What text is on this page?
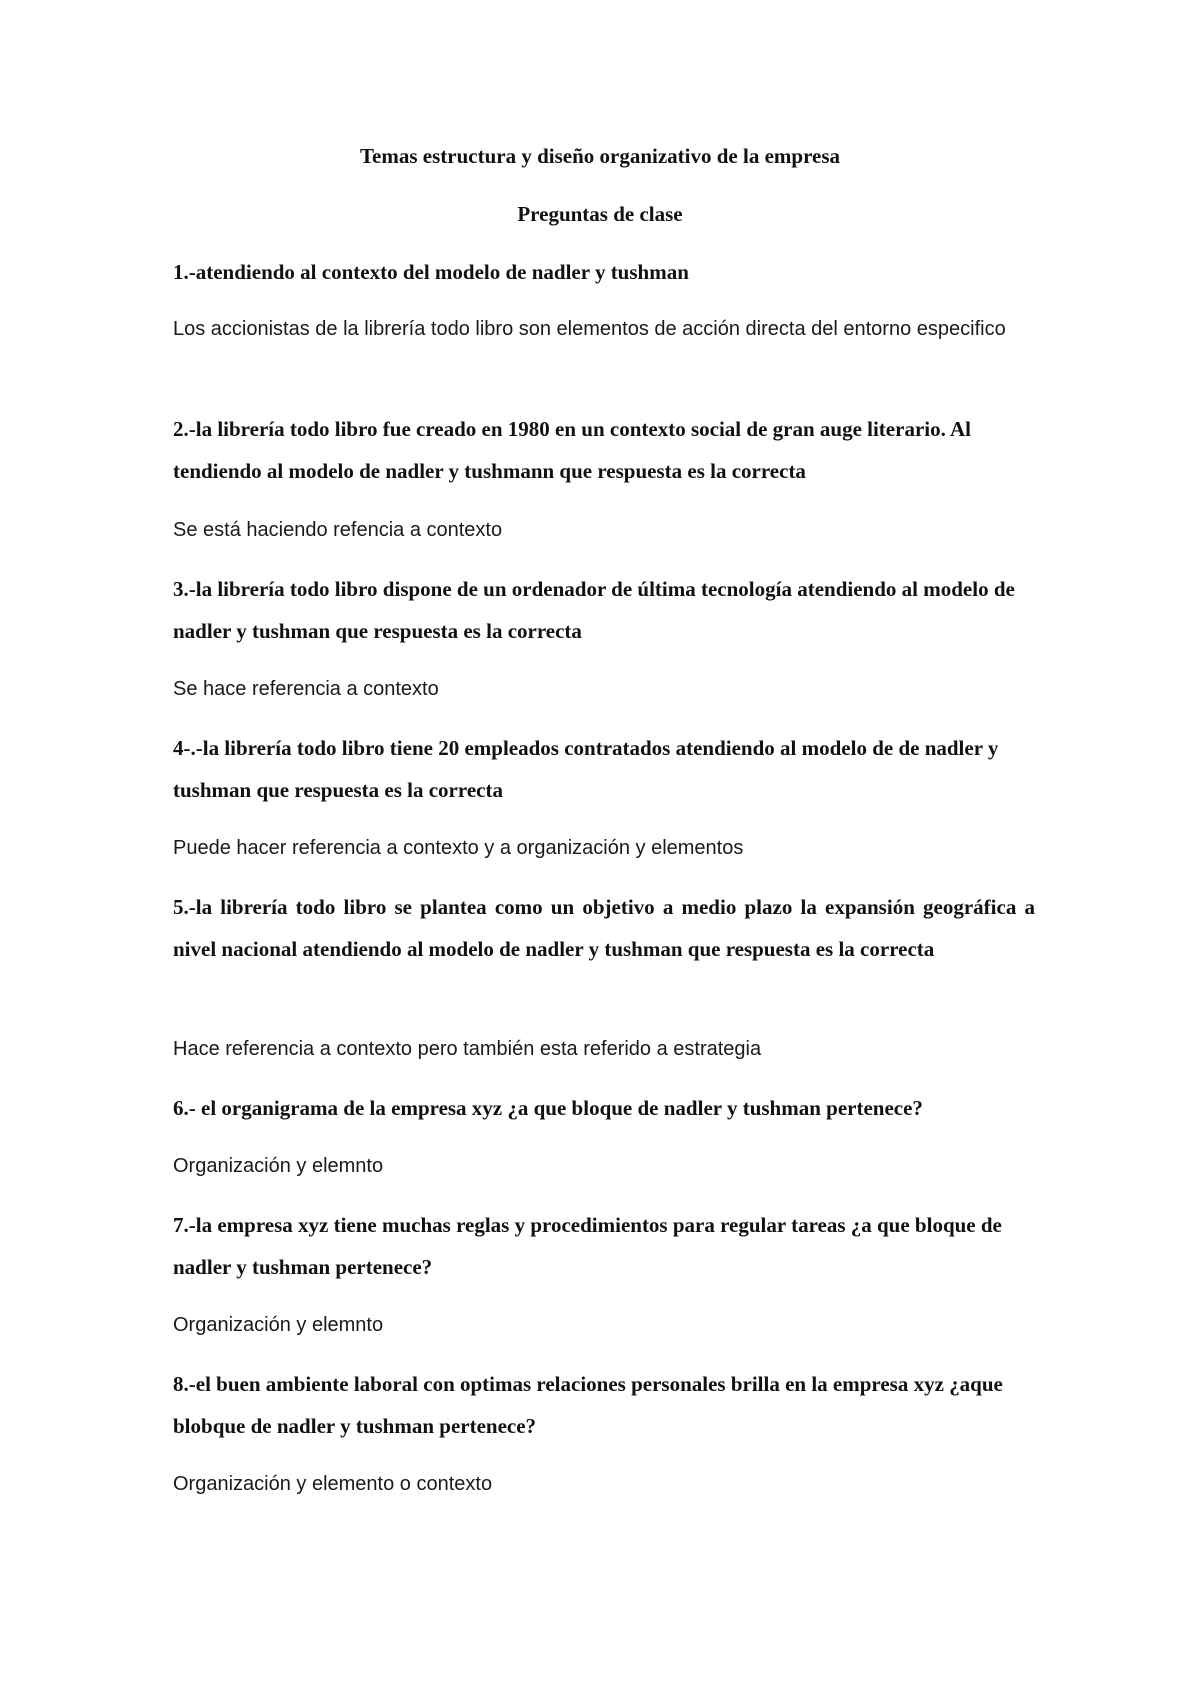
Temas estructura y diseño organizativo de la empresa

Preguntas de clase

1.-atendiendo al contexto del modelo de nadler y tushman

Los accionistas de la librería todo libro son elementos de acción directa del entorno especifico

2.-la librería todo libro fue creado en 1980 en un contexto social de gran auge literario. Al tendiendo al modelo de nadler y tushmann que respuesta es la correcta

Se está haciendo refencia a contexto

3.-la librería todo libro dispone de un ordenador de última tecnología atendiendo al modelo de nadler y tushman que respuesta es la correcta

Se hace referencia a contexto

4-.-la librería todo libro tiene 20 empleados contratados atendiendo al modelo de de nadler y tushman que respuesta es la correcta

Puede hacer referencia a contexto y a organización y elementos

5.-la librería todo libro se plantea como un objetivo a medio plazo la expansión geográfica a nivel nacional atendiendo al modelo de nadler y tushman que respuesta es la correcta

Hace referencia a contexto pero también esta referido a estrategia

6.- el organigrama de la empresa xyz ¿a que bloque de nadler y tushman pertenece?

Organización y elemnto

7.-la empresa xyz tiene muchas reglas y procedimientos para regular tareas ¿a que bloque de nadler y tushman pertenece?

Organización y elemnto

8.-el buen ambiente laboral con optimas relaciones personales brilla en la empresa xyz ¿aque blobque de nadler y tushman pertenece?

Organización y elemento o contexto
